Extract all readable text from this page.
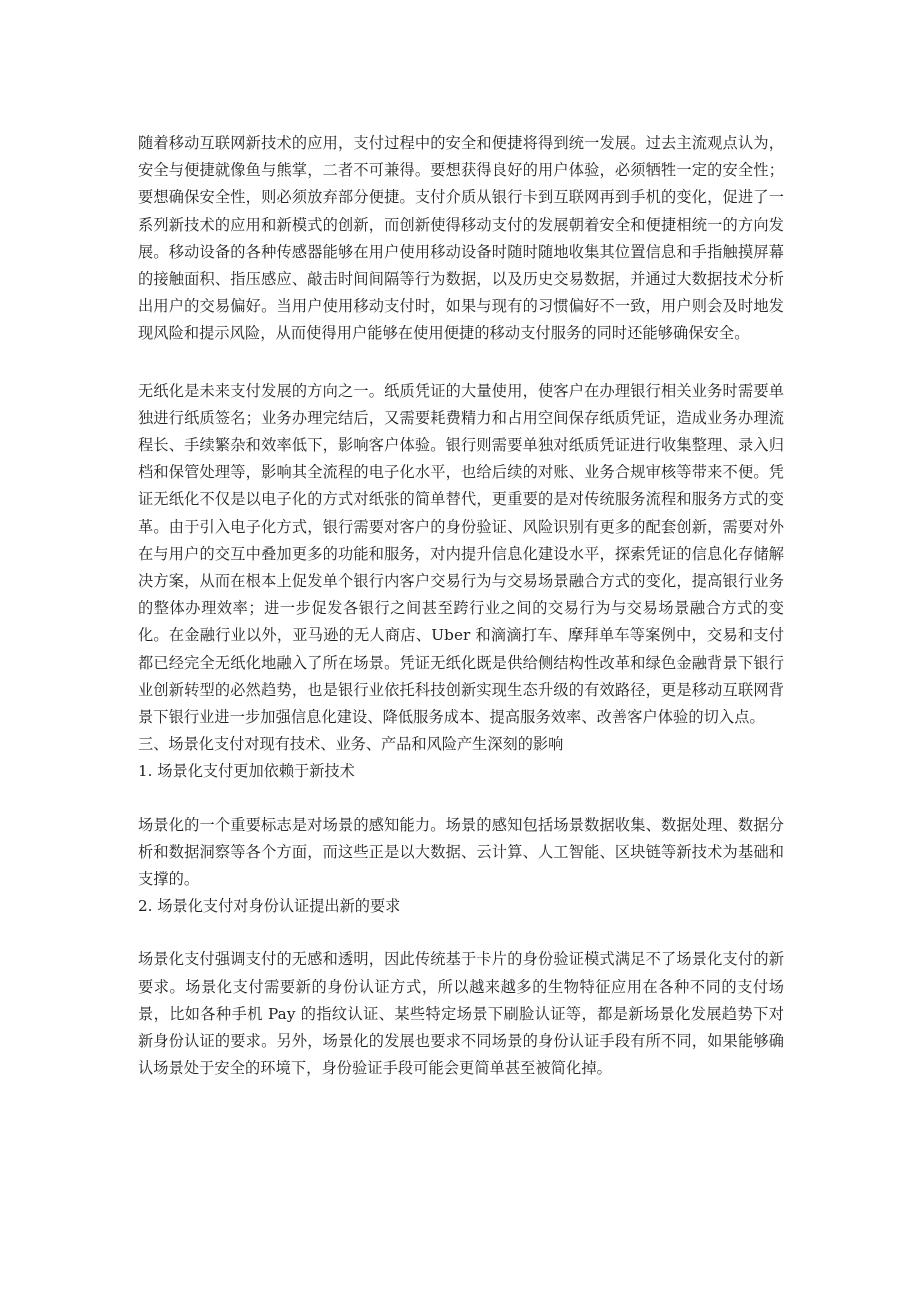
随着移动互联网新技术的应用，支付过程中的安全和便捷将得到统一发展。过去主流观点认为，安全与便捷就像鱼与熊掌，二者不可兼得。要想获得良好的用户体验，必须牺牲一定的安全性；要想确保安全性，则必须放弃部分便捷。支付介质从银行卡到互联网再到手机的变化，促进了一系列新技术的应用和新模式的创新，而创新使得移动支付的发展朝着安全和便捷相统一的方向发展。移动设备的各种传感器能够在用户使用移动设备时随时随地收集其位置信息和手指触摸屏幕的接触面积、指压感应、敲击时间间隔等行为数据，以及历史交易数据，并通过大数据技术分析出用户的交易偏好。当用户使用移动支付时，如果与现有的习惯偏好不一致，用户则会及时地发现风险和提示风险，从而使得用户能够在使用便捷的移动支付服务的同时还能够确保安全。

无纸化是未来支付发展的方向之一。纸质凭证的大量使用，使客户在办理银行相关业务时需要单独进行纸质签名；业务办理完结后，又需要耗费精力和占用空间保存纸质凭证，造成业务办理流程长、手续繁杂和效率低下，影响客户体验。银行则需要单独对纸质凭证进行收集整理、录入归档和保管处理等，影响其全流程的电子化水平，也给后续的对账、业务合规审核等带来不便。凭证无纸化不仅是以电子化的方式对纸张的简单替代，更重要的是对传统服务流程和服务方式的变革。由于引入电子化方式，银行需要对客户的身份验证、风险识别有更多的配套创新，需要对外在与用户的交互中叠加更多的功能和服务，对内提升信息化建设水平，探索凭证的信息化存储解决方案，从而在根本上促发单个银行内客户交易行为与交易场景融合方式的变化，提高银行业务的整体办理效率；进一步促发各银行之间甚至跨行业之间的交易行为与交易场景融合方式的变化。在金融行业以外，亚马逊的无人商店、Uber 和滴滴打车、摩拜单车等案例中，交易和支付都已经完全无纸化地融入了所在场景。凭证无纸化既是供给侧结构性改革和绿色金融背景下银行业创新转型的必然趋势，也是银行业依托科技创新实现生态升级的有效路径，更是移动互联网背景下银行业进一步加强信息化建设、降低服务成本、提高服务效率、改善客户体验的切入点。

三、场景化支付对现有技术、业务、产品和风险产生深刻的影响

1. 场景化支付更加依赖于新技术

场景化的一个重要标志是对场景的感知能力。场景的感知包括场景数据收集、数据处理、数据分析和数据洞察等各个方面，而这些正是以大数据、云计算、人工智能、区块链等新技术为基础和支撑的。

2. 场景化支付对身份认证提出新的要求

场景化支付强调支付的无感和透明，因此传统基于卡片的身份验证模式满足不了场景化支付的新要求。场景化支付需要新的身份认证方式，所以越来越多的生物特征应用在各种不同的支付场景，比如各种手机 Pay 的指纹认证、某些特定场景下刷脸认证等，都是新场景化发展趋势下对新身份认证的要求。另外，场景化的发展也要求不同场景的身份认证手段有所不同，如果能够确认场景处于安全的环境下，身份验证手段可能会更简单甚至被简化掉。
